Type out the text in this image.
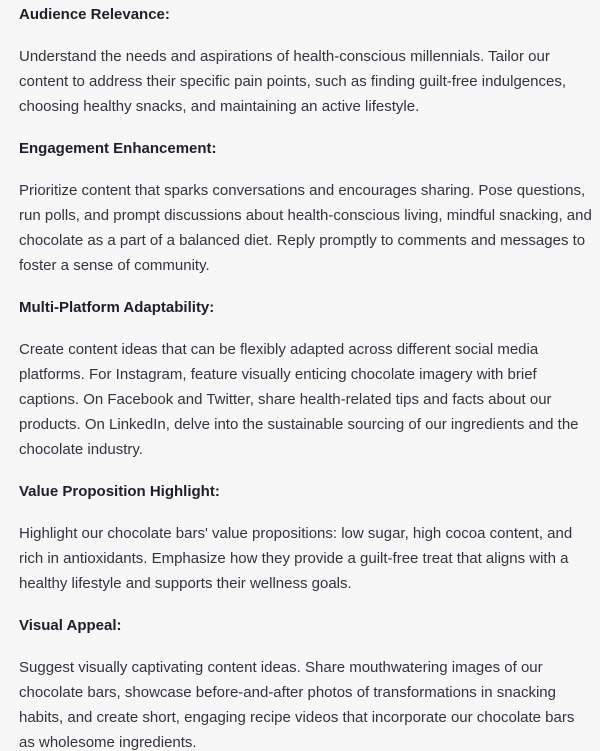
Audience Relevance:

Understand the needs and aspirations of health-conscious millennials. Tailor our content to address their specific pain points, such as finding guilt-free indulgences, choosing healthy snacks, and maintaining an active lifestyle.

Engagement Enhancement:

Prioritize content that sparks conversations and encourages sharing. Pose questions, run polls, and prompt discussions about health-conscious living, mindful snacking, and chocolate as a part of a balanced diet. Reply promptly to comments and messages to foster a sense of community.

Multi-Platform Adaptability:

Create content ideas that can be flexibly adapted across different social media platforms. For Instagram, feature visually enticing chocolate imagery with brief captions. On Facebook and Twitter, share health-related tips and facts about our products. On LinkedIn, delve into the sustainable sourcing of our ingredients and the chocolate industry.

Value Proposition Highlight:

Highlight our chocolate bars' value propositions: low sugar, high cocoa content, and rich in antioxidants. Emphasize how they provide a guilt-free treat that aligns with a healthy lifestyle and supports their wellness goals.

Visual Appeal:

Suggest visually captivating content ideas. Share mouthwatering images of our chocolate bars, showcase before-and-after photos of transformations in snacking habits, and create short, engaging recipe videos that incorporate our chocolate bars as wholesome ingredients.
